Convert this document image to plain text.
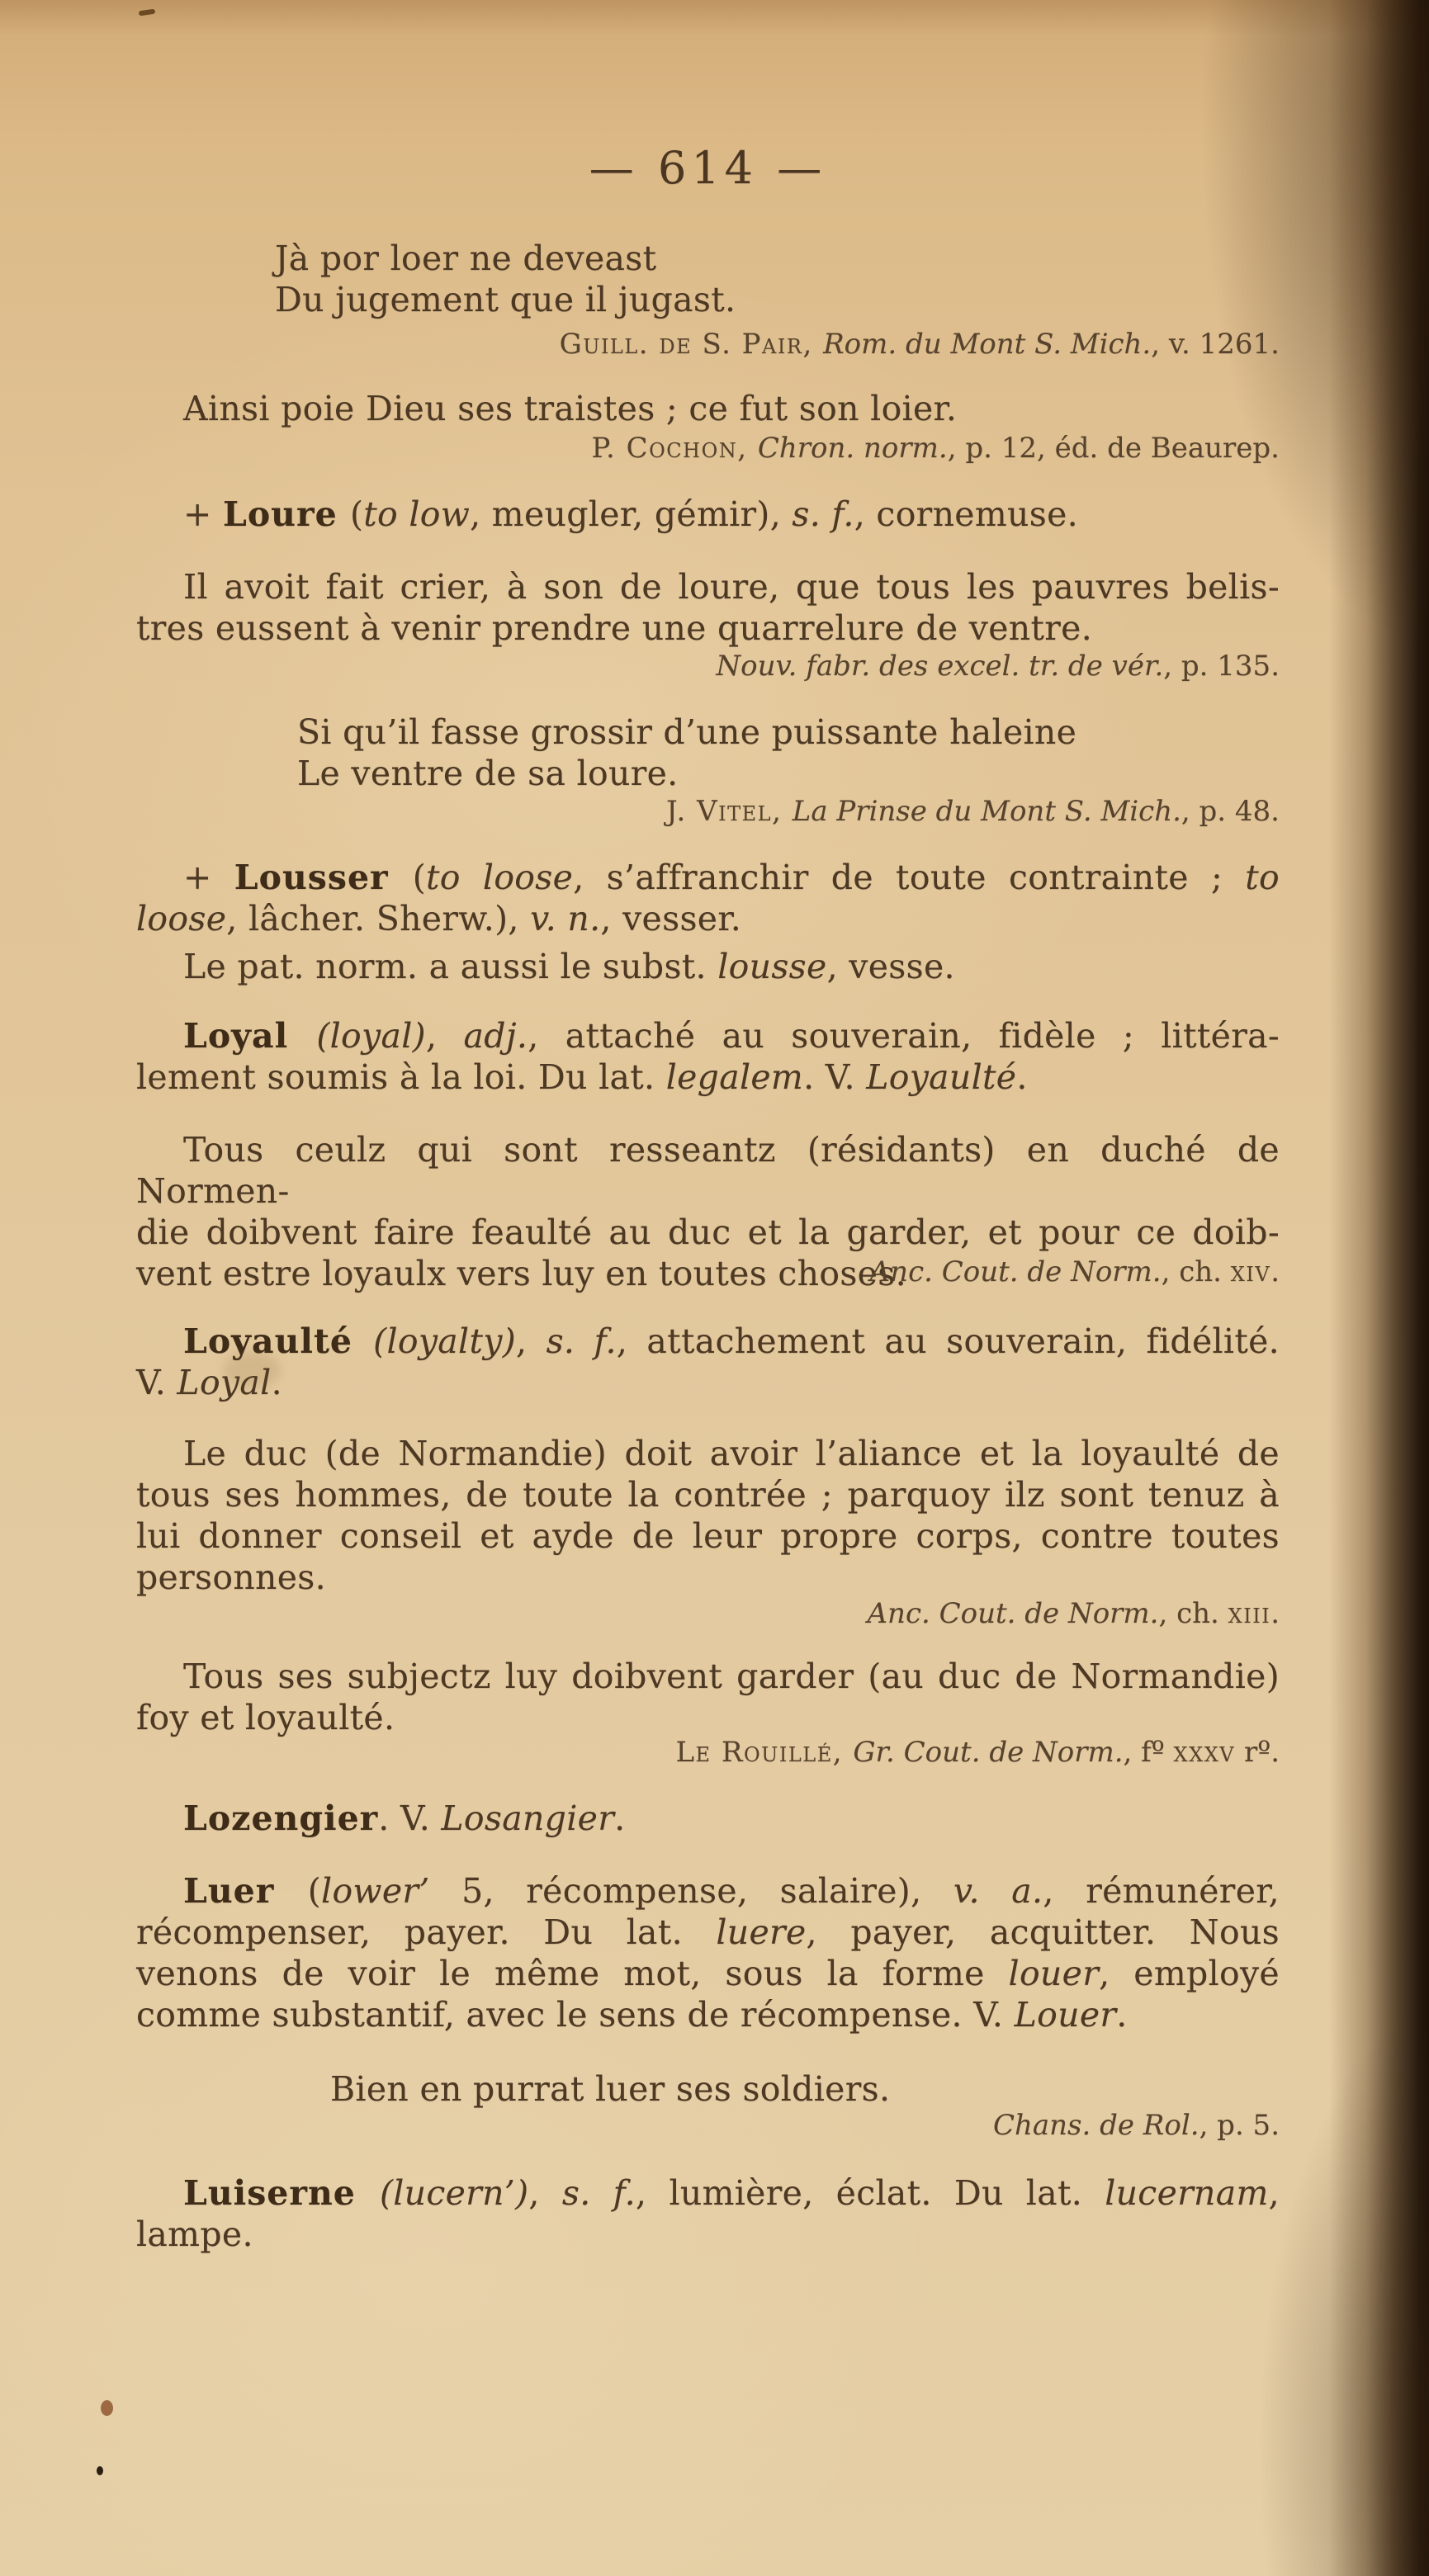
— 614 —
Jà por loer ne deveast
Du jugement que il jugast.
Guill. de S. Pair, Rom. du Mont S. Mich., v. 1261.
Ainsi poie Dieu ses traistes ; ce fut son loier.
P. Cochon, Chron. norm., p. 12, éd. de Beaurep.
+ Loure (to low, meugler, gémir), s. f., cornemuse.
Il avoit fait crier, à son de loure, que tous les pauvres belis-
tres eussent à venir prendre une quarrelure de ventre.
Nouv. fabr. des excel. tr. de vér., p. 135.
Si qu’il fasse grossir d’une puissante haleine
Le ventre de sa loure.
J. Vitel, La Prinse du Mont S. Mich., p. 48.
+ Lousser (to loose, s’affranchir de toute contrainte ; to
loose, lâcher. Sherw.), v. n., vesser.
Le pat. norm. a aussi le subst. lousse, vesse.
Loyal (loyal), adj., attaché au souverain, fidèle ; littéra-
lement soumis à la loi. Du lat. legalem. V. Loyaulté.
Tous ceulz qui sont resseantz (résidants) en duché de Normen-
die doibvent faire feaulté au duc et la garder, et pour ce doib-
vent estre loyaulx vers luy en toutes choses.
Anc. Cout. de Norm., ch. xiv.
Loyaulté (loyalty), s. f., attachement au souverain, fidélité.
V. Loyal.
Le duc (de Normandie) doit avoir l’aliance et la loyaulté de
tous ses hommes, de toute la contrée ; parquoy ilz sont tenuz à
lui donner conseil et ayde de leur propre corps, contre toutes
personnes.
Anc. Cout. de Norm., ch. xiii.
Tous ses subjectz luy doibvent garder (au duc de Normandie)
foy et loyaulté.
Le Rouillé, Gr. Cout. de Norm., fº xxxv rº.
Lozengier. V. Losangier.
Luer (lower’ 5, récompense, salaire), v. a., rémunérer,
récompenser, payer. Du lat. luere, payer, acquitter. Nous
venons de voir le même mot, sous la forme louer, employé
comme substantif, avec le sens de récompense. V. Louer.
Bien en purrat luer ses soldiers.
Chans. de Rol., p. 5.
Luiserne (lucern’), s. f., lumière, éclat. Du lat. lucernam,
lampe.
